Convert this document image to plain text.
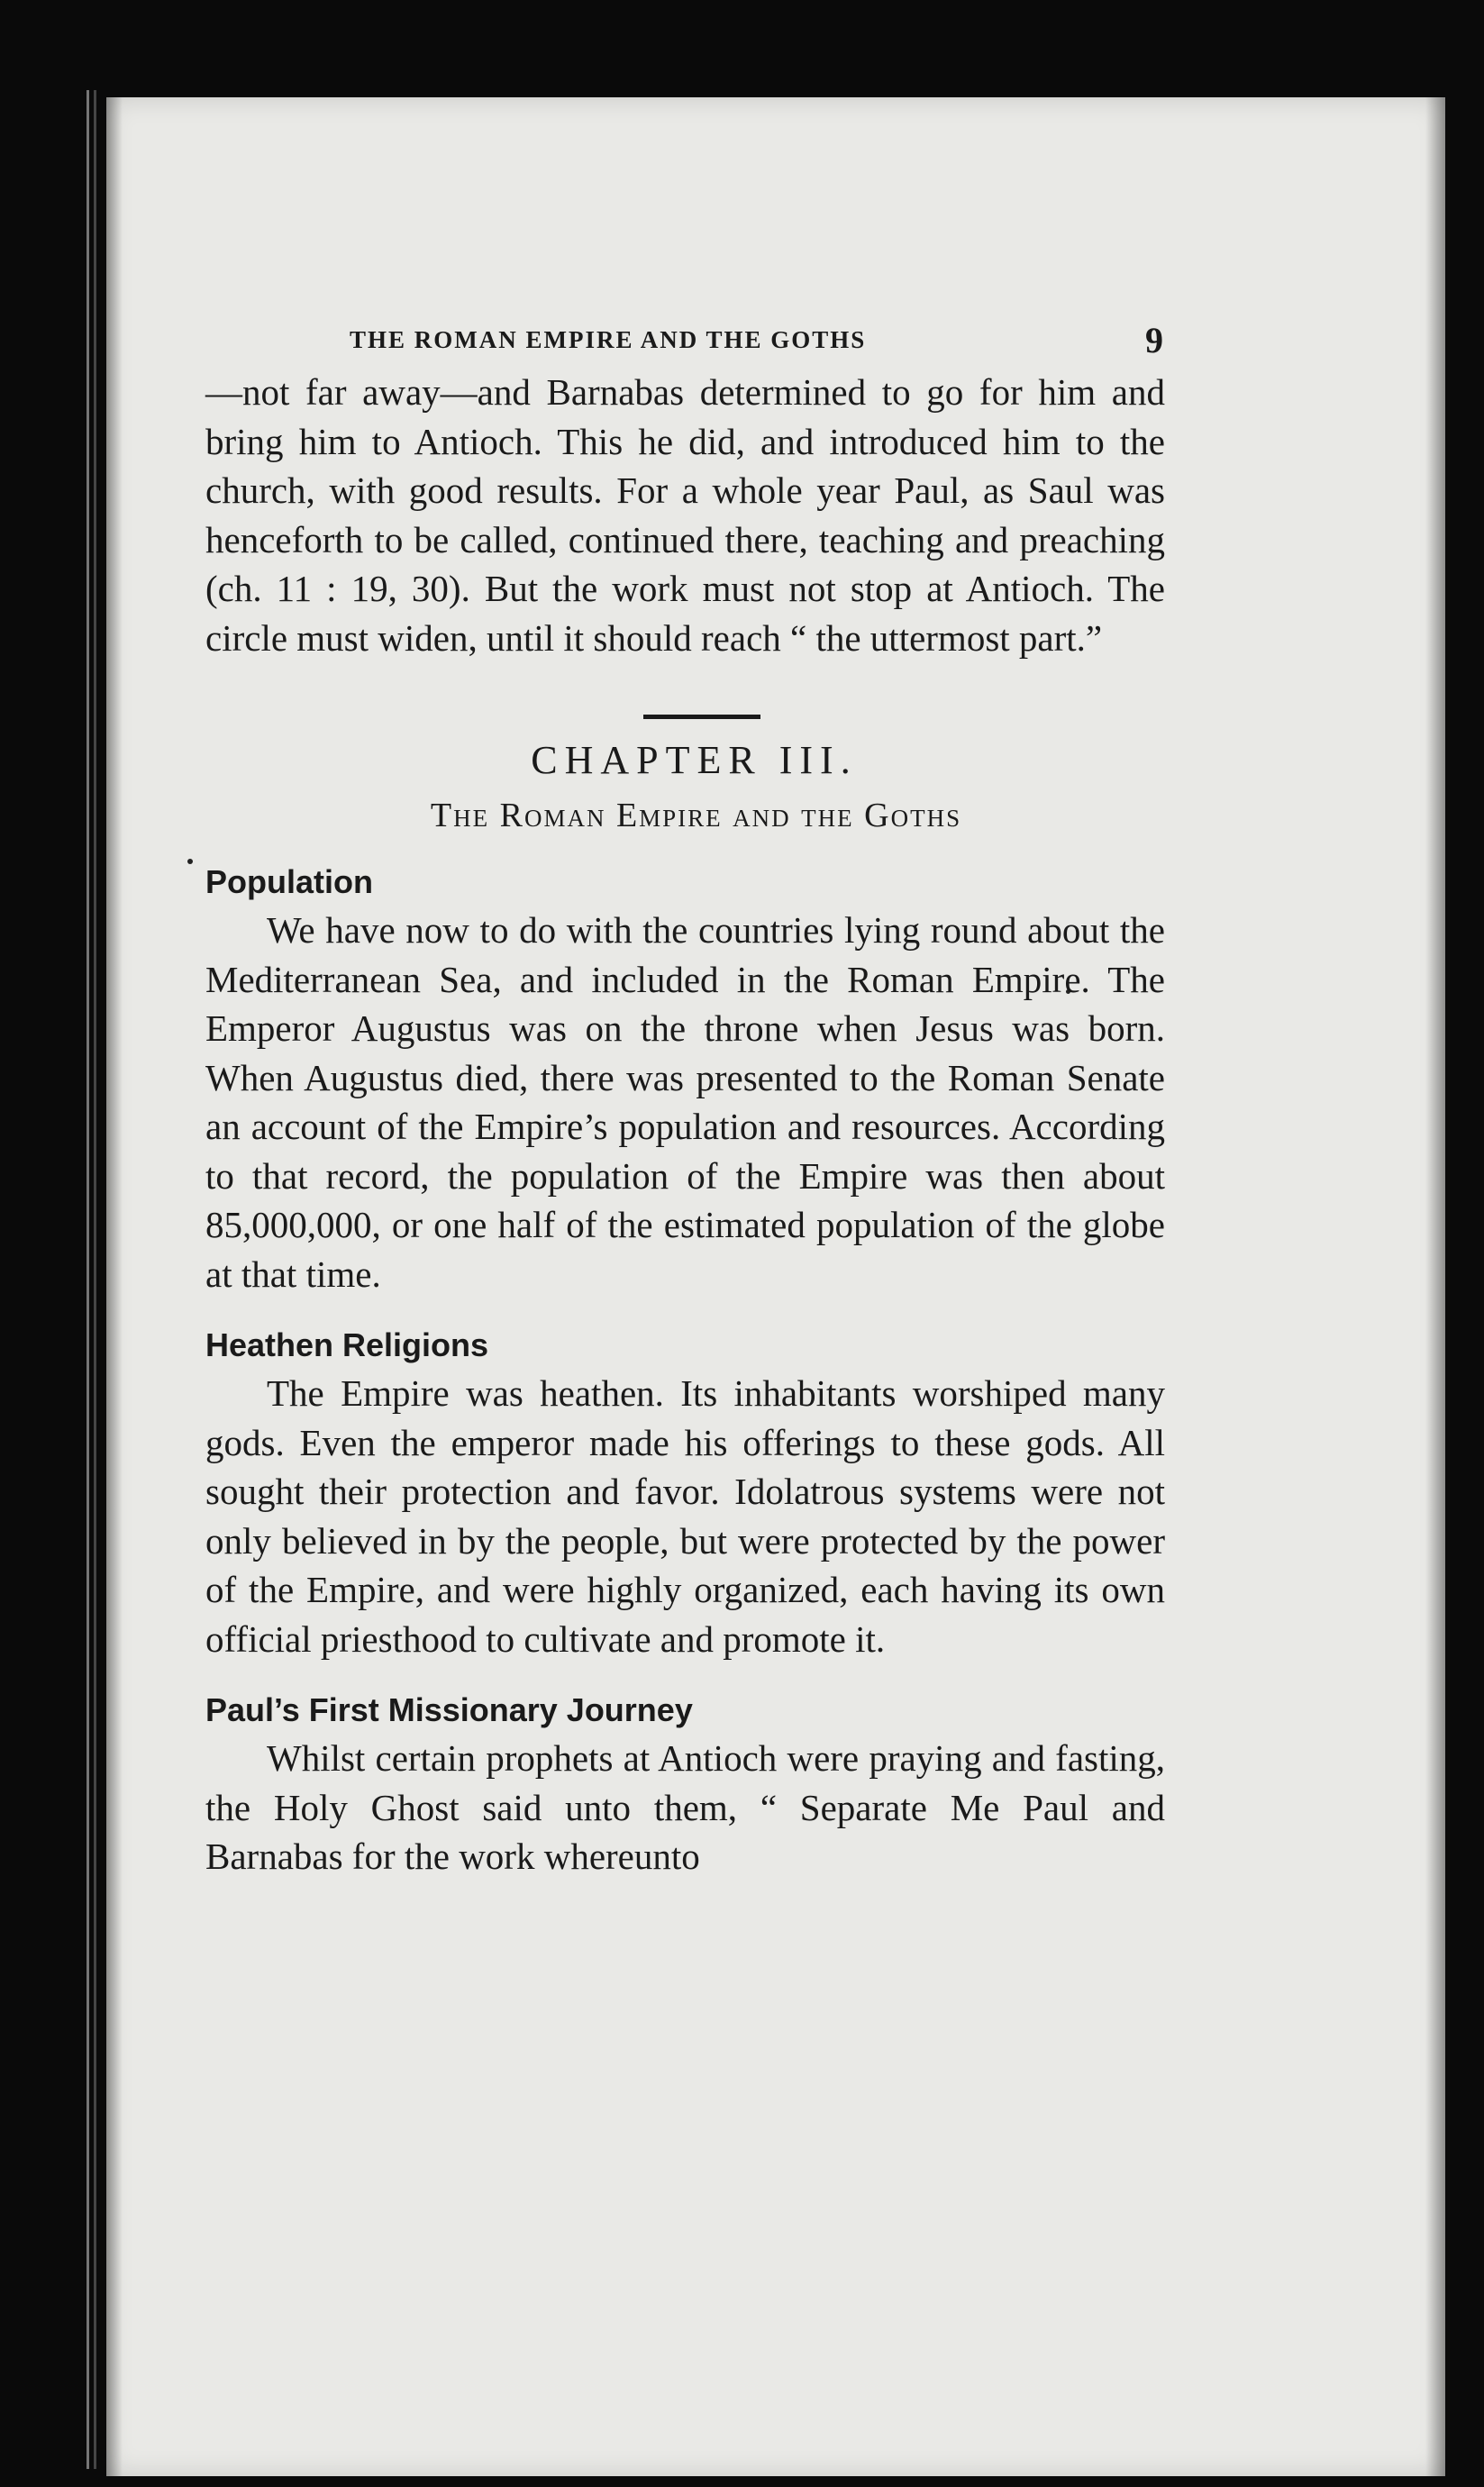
THE ROMAN EMPIRE AND THE GOTHS	9

—not far away—and Barnabas determined to go for him and bring him to Antioch. This he did, and introduced him to the church, with good results. For a whole year Paul, as Saul was henceforth to be called, continued there, teaching and preaching (ch. 11 : 19, 30). But the work must not stop at Antioch. The circle must widen, until it should reach “ the uttermost part.”

CHAPTER III.
The Roman Empire and the Goths
Population

We have now to do with the countries lying round about the Mediterranean Sea, and included in the Roman Empire. The Emperor Augustus was on the throne when Jesus was born. When Augustus died, there was presented to the Roman Senate an account of the Empire’s population and resources. According to that record, the population of the Empire was then about 85,000,000, or one half of the estimated population of the globe at that time.

Heathen Religions

The Empire was heathen. Its inhabitants worshiped many gods. Even the emperor made his offerings to these gods. All sought their protection and favor. Idolatrous systems were not only believed in by the people, but were protected by the power of the Empire, and were highly organized, each having its own official priesthood to cultivate and promote it.

Paul’s First Missionary Journey

Whilst certain prophets at Antioch were praying and fasting, the Holy Ghost said unto them, “ Separate Me Paul and Barnabas for the work whereunto
